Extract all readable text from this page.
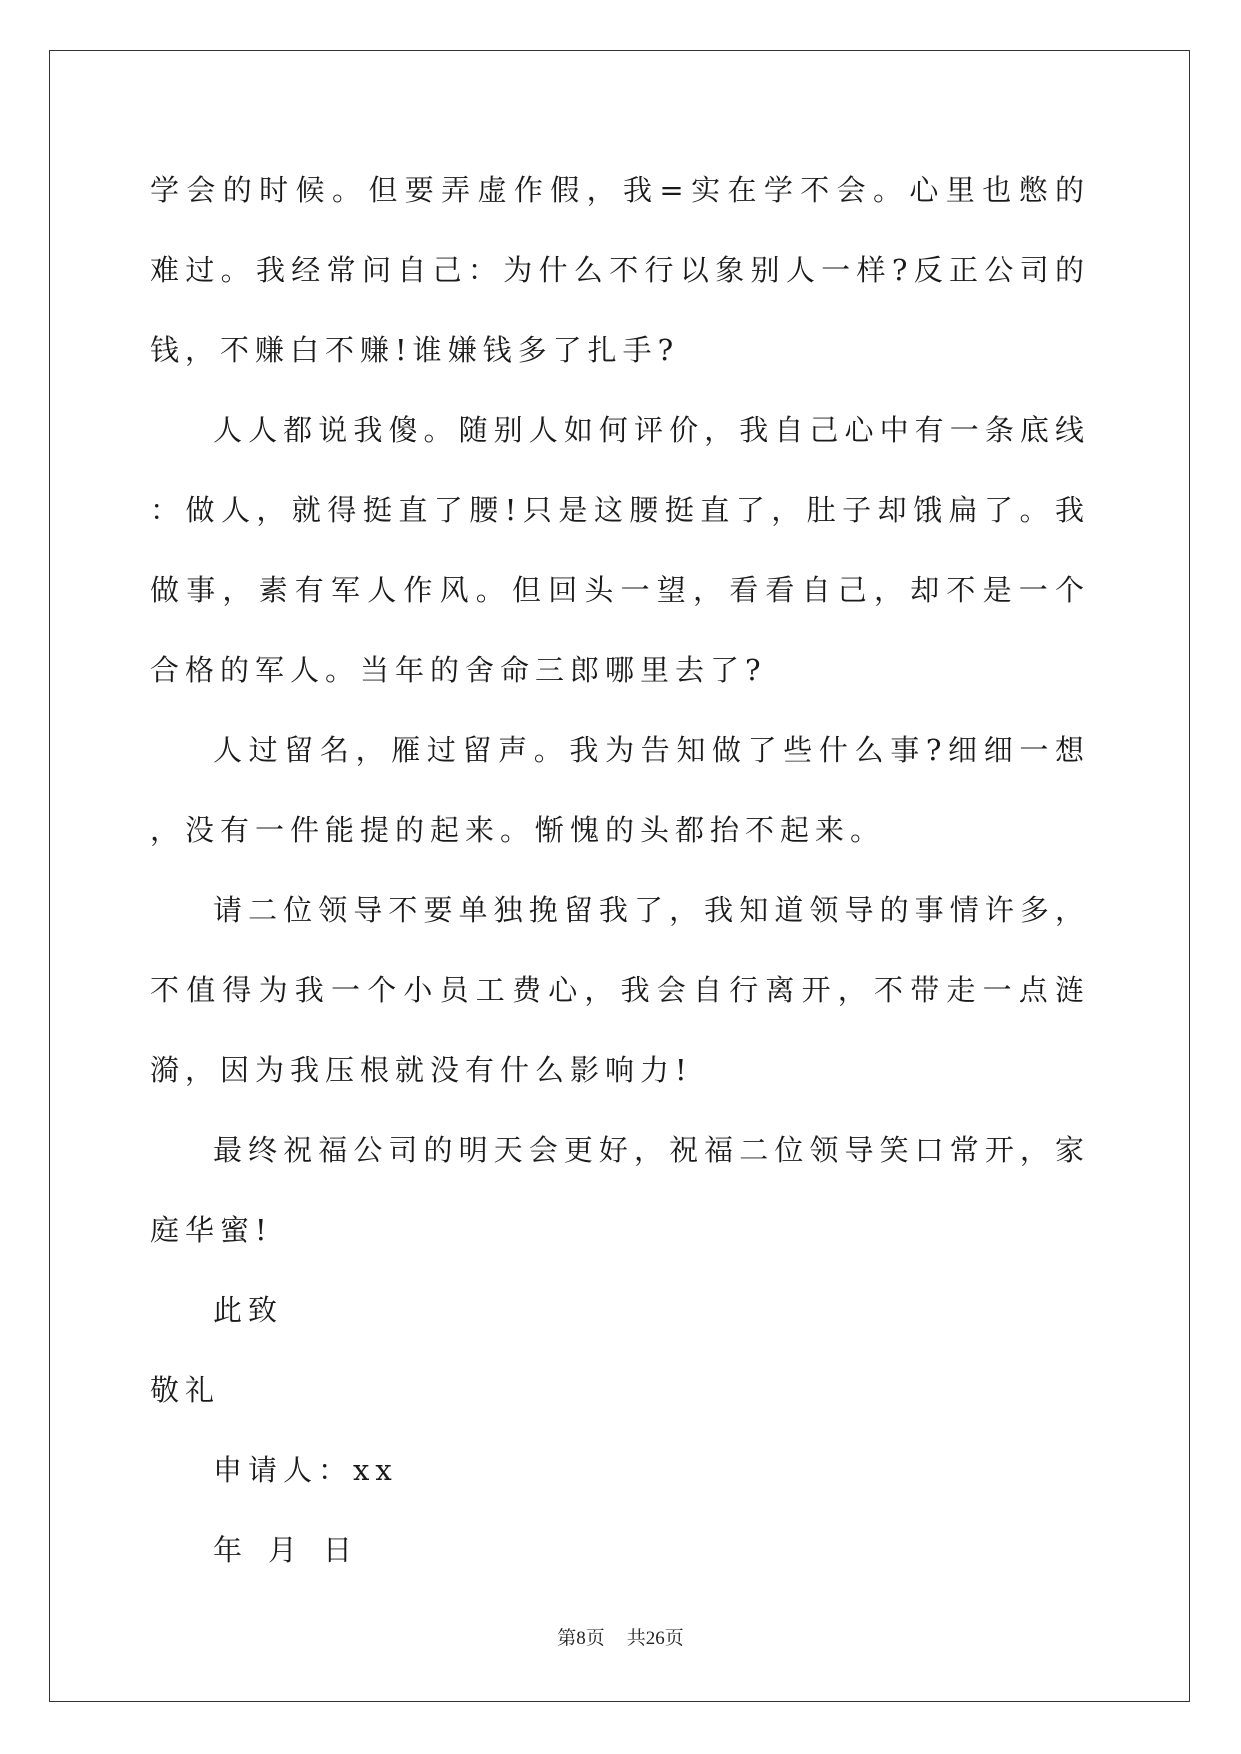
学会的时候。但要弄虚作假，我=实在学不会。心里也憋的难过。我经常问自己：为什么不行以象别人一样?反正公司的钱，不赚白不赚!谁嫌钱多了扎手?

人人都说我傻。随别人如何评价，我自己心中有一条底线：做人，就得挺直了腰!只是这腰挺直了，肚子却饿扁了。我做事，素有军人作风。但回头一望，看看自己，却不是一个合格的军人。当年的舍命三郎哪里去了?

人过留名，雁过留声。我为告知做了些什么事?细细一想，没有一件能提的起来。惭愧的头都抬不起来。

请二位领导不要单独挽留我了，我知道领导的事情许多，不值得为我一个小员工费心，我会自行离开，不带走一点涟漪，因为我压根就没有什么影响力!

最终祝福公司的明天会更好，祝福二位领导笑口常开，家庭华蜜!

此致

敬礼

申请人：xx

年 月 日

第8页 共26页
